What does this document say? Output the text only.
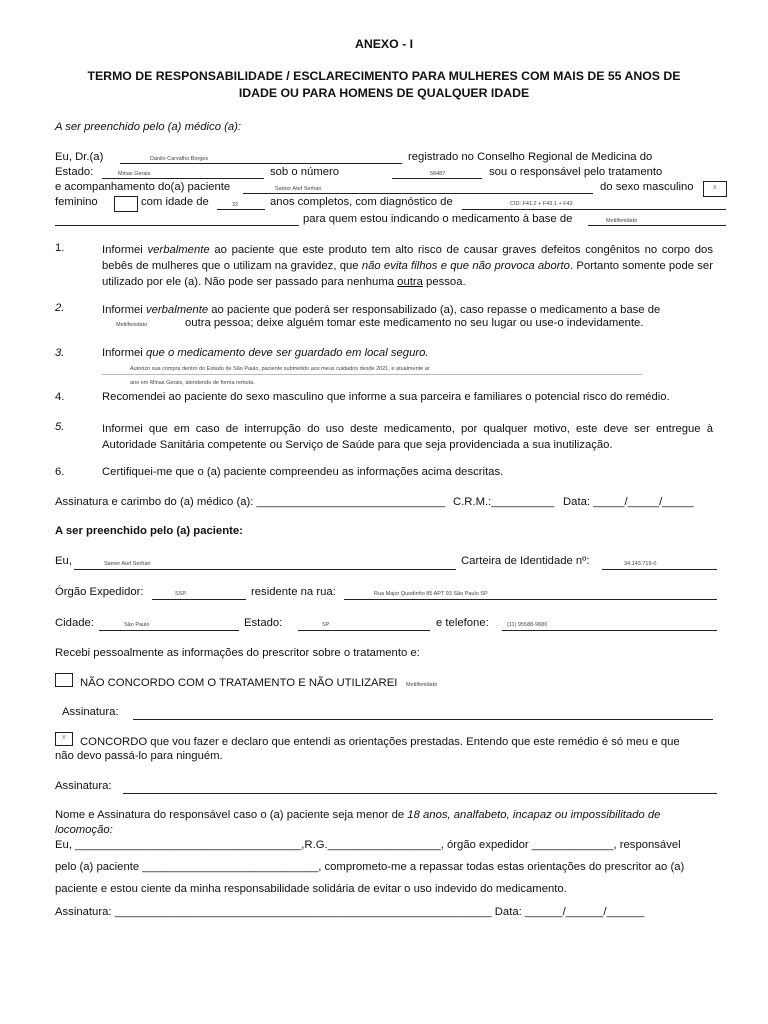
ANEXO - I
TERMO DE RESPONSABILIDADE / ESCLARECIMENTO PARA MULHERES COM MAIS DE 55 ANOS DE
IDADE OU PARA HOMENS DE QUALQUER IDADE
A ser preenchido pelo (a) médico (a):
Eu, Dr.(a)	Danilo Carvalho Borges	registrado no Conselho Regional de Medicina do
Estado:	Minas Gerais	sob o número	58487	sou o responsável pelo tratamento
e acompanhamento do(a) paciente	Samer Atef Serhan	do sexo masculino	X
feminino	com idade de	32	anos completos, com diagnóstico de	CID: F41.2 + F43.1 + F42
para quem estou indicando o medicamento à base de	Metilfenidato
1.	Informei verbalmente ao paciente que este produto tem alto risco de causar graves defeitos congênitos no corpo dos bebês de mulheres que o utilizam na gravidez, que não evita filhos e que não provoca aborto. Portanto somente pode ser utilizado por ele (a). Não pode ser passado para nenhuma outra pessoa.
2.	Informei verbalmente ao paciente que poderá ser responsabilizado (a), caso repasse o medicamento a base de
Metilfenidato	outra pessoa; deixe alguém tomar este medicamento no seu lugar ou use-o indevidamente.
3.	Informei que o medicamento deve ser guardado em local seguro.
Autorizo sua compra dentro do Estado de São Paulo, paciente submetido aos meus cuidados desde 2021, e atualmente ar
ano em Minas Gerais, atendendo de forma remota.
4.	Recomendei ao paciente do sexo masculino que informe a sua parceira e familiares o potencial risco do remédio.
5.	Informei que em caso de interrupção do uso deste medicamento, por qualquer motivo, este deve ser entregue à Autoridade Sanitária competente ou Serviço de Saúde para que seja providenciada a sua inutilização.
6.	Certifiquei-me que o (a) paciente compreendeu as informações acima descritas.
Assinatura e carimbo do (a) médico (a): ______________________________ C.R.M.:__________ Data: _____/_____/_____
A ser preenchido pelo (a) paciente:
Eu,	Samer Atef Serhan	Carteira de Identidade nº:	34.143.719-0
Órgão Expedidor:	SSP	residente na rua:	Rua Major Quedinho 85 APT 93 São Paulo SP
Cidade:	São Paulo	Estado:	SP	e telefone:	(11) 95588-9680
Recebi pessoalmente as informações do prescritor sobre o tratamento e:
NÃO CONCORDO COM O TRATAMENTO E NÃO UTILIZAREI Metilfenidato
Assinatura:
X CONCORDO que vou fazer e declaro que entendi as orientações prestadas. Entendo que este remédio é só meu e que
não devo passá-lo para ninguém.
Assinatura:
Nome e Assinatura do responsável caso o (a) paciente seja menor de 18 anos, analfabeto, incapaz ou impossibilitado de
locomoção:
Eu, ____________________________________,R.G.__________________, órgão expedidor _____________, responsável
pelo (a) paciente ____________________________, comprometo-me a repassar todas estas orientações do prescritor ao (a)
paciente e estou ciente da minha responsabilidade solidária de evitar o uso indevido do medicamento.
Assinatura: ____________________________________________________________ Data: ______/______/______
